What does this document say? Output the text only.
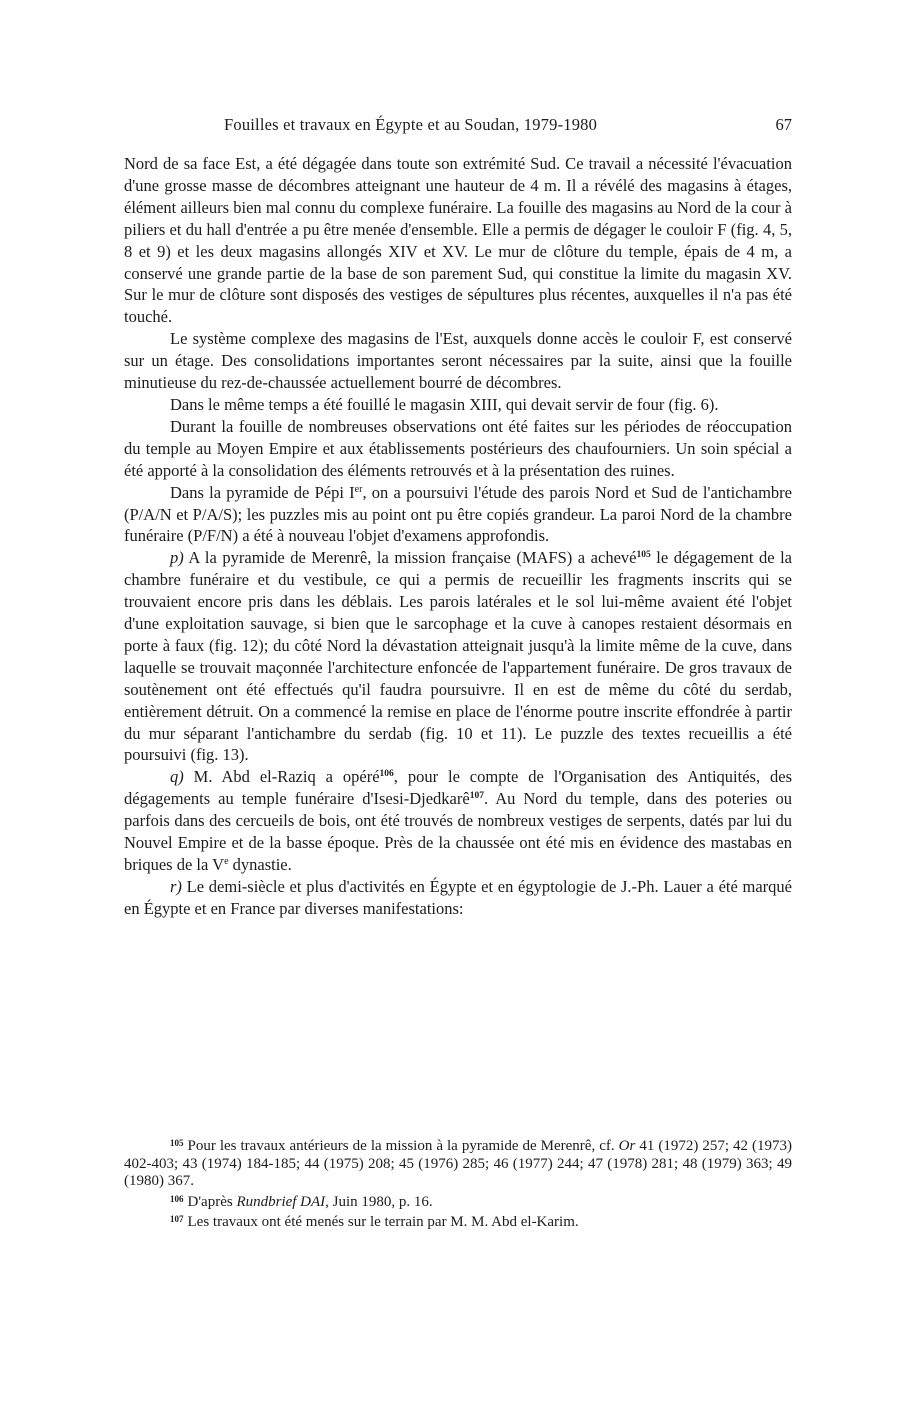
Fouilles et travaux en Égypte et au Soudan, 1979-1980	67

Nord de sa face Est, a été dégagée dans toute son extrémité Sud. Ce travail a nécessité l'évacuation d'une grosse masse de décombres atteignant une hauteur de 4 m. Il a révélé des magasins à étages, élément ailleurs bien mal connu du complexe funéraire. La fouille des magasins au Nord de la cour à piliers et du hall d'entrée a pu être menée d'ensemble. Elle a permis de dégager le couloir F (fig. 4, 5, 8 et 9) et les deux magasins allongés XIV et XV. Le mur de clôture du temple, épais de 4 m, a conservé une grande partie de la base de son parement Sud, qui constitue la limite du magasin XV. Sur le mur de clôture sont disposés des vestiges de sépultures plus récentes, auxquelles il n'a pas été touché.

Le système complexe des magasins de l'Est, auxquels donne accès le couloir F, est conservé sur un étage. Des consolidations importantes seront nécessaires par la suite, ainsi que la fouille minutieuse du rez-de-chaussée actuellement bourré de décombres.

Dans le même temps a été fouillé le magasin XIII, qui devait servir de four (fig. 6).

Durant la fouille de nombreuses observations ont été faites sur les périodes de réoccupation du temple au Moyen Empire et aux établissements postérieurs des chaufourniers. Un soin spécial a été apporté à la consolidation des éléments retrouvés et à la présentation des ruines.

Dans la pyramide de Pépi Ier, on a poursuivi l'étude des parois Nord et Sud de l'antichambre (P/A/N et P/A/S); les puzzles mis au point ont pu être copiés grandeur. La paroi Nord de la chambre funéraire (P/F/N) a été à nouveau l'objet d'examens approfondis.

p) A la pyramide de Merenrê, la mission française (MAFS) a achevé$^{105}$ le dégagement de la chambre funéraire et du vestibule, ce qui a permis de recueillir les fragments inscrits qui se trouvaient encore pris dans les déblais. Les parois latérales et le sol lui-même avaient été l'objet d'une exploitation sauvage, si bien que le sarcophage et la cuve à canopes restaient désormais en porte à faux (fig. 12); du côté Nord la dévastation atteignait jusqu'à la limite même de la cuve, dans laquelle se trouvait maçonnée l'architecture enfoncée de l'appartement funéraire. De gros travaux de soutènement ont été effectués qu'il faudra poursuivre. Il en est de même du côté du serdab, entièrement détruit. On a commencé la remise en place de l'énorme poutre inscrite effondrée à partir du mur séparant l'antichambre du serdab (fig. 10 et 11). Le puzzle des textes recueillis a été poursuivi (fig. 13).

q) M. Abd el-Raziq a opéré$^{106}$, pour le compte de l'Organisation des Antiquités, des dégagements au temple funéraire d'Isesi-Djedkarê$^{107}$. Au Nord du temple, dans des poteries ou parfois dans des cercueils de bois, ont été trouvés de nombreux vestiges de serpents, datés par lui du Nouvel Empire et de la basse époque. Près de la chaussée ont été mis en évidence des mastabas en briques de la Ve dynastie.

r) Le demi-siècle et plus d'activités en Égypte et en égyptologie de J.-Ph. Lauer a été marqué en Égypte et en France par diverses manifestations:

$^{105}$ Pour les travaux antérieurs de la mission à la pyramide de Merenrê, cf. Or 41 (1972) 257; 42 (1973) 402-403; 43 (1974) 184-185; 44 (1975) 208; 45 (1976) 285; 46 (1977) 244; 47 (1978) 281; 48 (1979) 363; 49 (1980) 367.

$^{106}$ D'après Rundbrief DAI, Juin 1980, p. 16.

$^{107}$ Les travaux ont été menés sur le terrain par M. M. Abd el-Karim.
